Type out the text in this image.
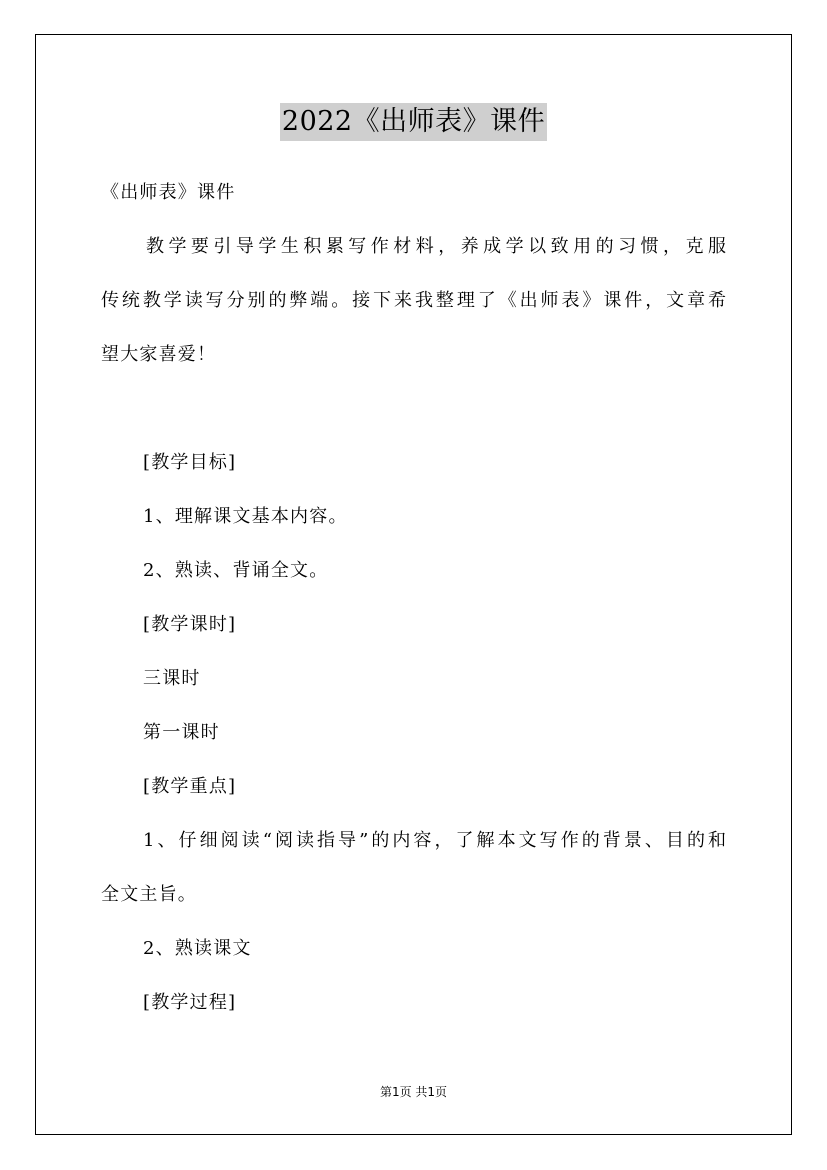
2022《出师表》课件
《出师表》课件
　　教学要引导学生积累写作材料，养成学以致用的习惯，克服
传统教学读写分别的弊端。接下来我整理了《出师表》课件，文章希
望大家喜爱！
[教学目标]
1、理解课文基本内容。
2、熟读、背诵全文。
[教学课时]
三课时
第一课时
[教学重点]
1、仔细阅读“阅读指导”的内容，了解本文写作的背景、目的和
全文主旨。
2、熟读课文
[教学过程]
第1页 共1页
